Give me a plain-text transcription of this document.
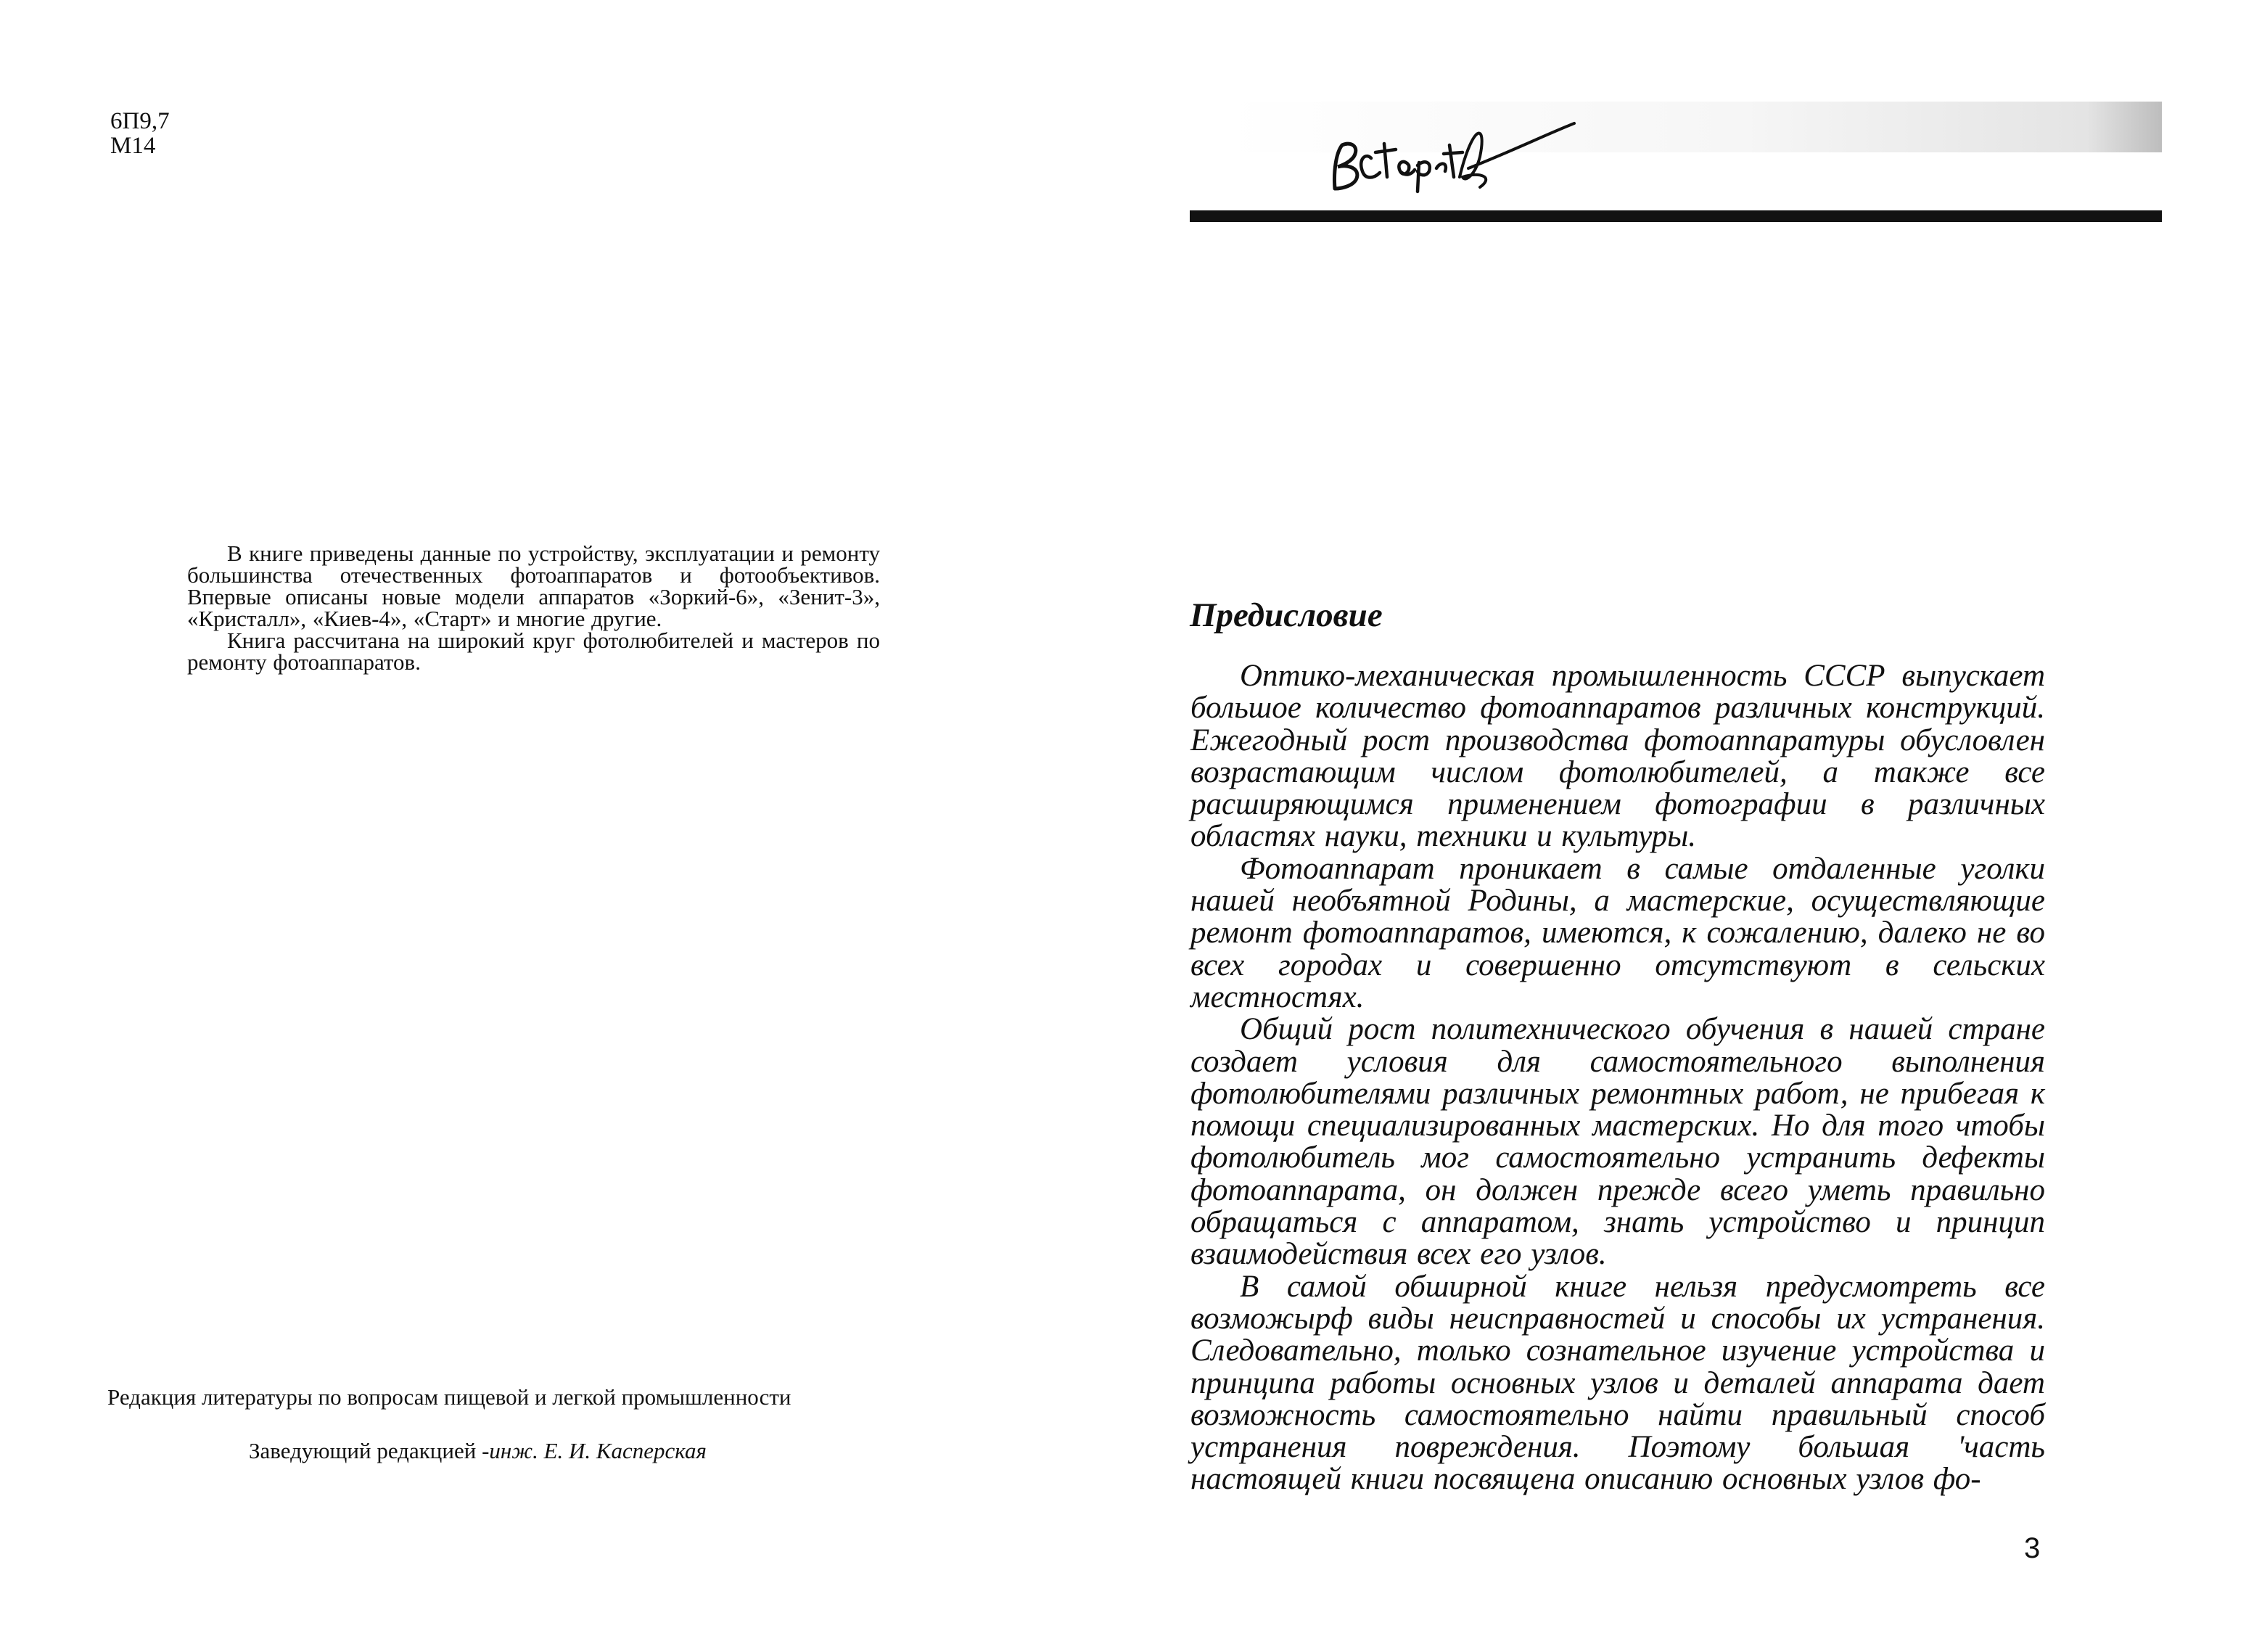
6П9,7
М14

В книге приведены данные по устройству, эксплуатации и ремонту большинства отечественных фотоаппаратов и фотообъективов. Впервые описаны новые модели аппаратов «Зоркий-6», «Зенит-3», «Кристалл», «Киев-4», «Старт» и многие другие.

Книга рассчитана на широкий круг фотолюбителей и мастеров по ремонту фотоаппаратов.

Редакция литературы по вопросам пищевой и легкой промышленности
Заведующий редакцией -инж. Е. И. Касперская
Предисловие

Оптико-механическая промышленность СССР выпускает большое количество фотоаппаратов различных конструкций. Ежегодный рост производства фотоаппаратуры обусловлен возрастающим числом фотолюбителей, а также все расширяющимся применением фотографии в различных областях науки, техники и культуры.

Фотоаппарат проникает в самые отдаленные уголки нашей необъятной Родины, а мастерские, осуществляющие ремонт фотоаппаратов, имеются, к сожалению, далеко не во всех городах и совершенно отсутствуют в сельских местностях.

Общий рост политехнического обучения в нашей стране создает условия для самостоятельного выполнения фотолюбителями различных ремонтных работ, не прибегая к помощи специализированных мастерских. Но для того чтобы фотолюбитель мог самостоятельно устранить дефекты фотоаппарата, он должен прежде всего уметь правильно обращаться с аппаратом, знать устройство и принцип взаимодействия всех его узлов.

В самой обширной книге нельзя предусмотреть все возможырф виды неисправностей и способы их устранения. Следовательно, только сознательное изучение устройства и принципа работы основных узлов и деталей аппарата дает возможность самостоятельно найти правильный способ устранения повреждения. Поэтому большая 'часть настоящей книги посвящена описанию основных узлов фо-

3
